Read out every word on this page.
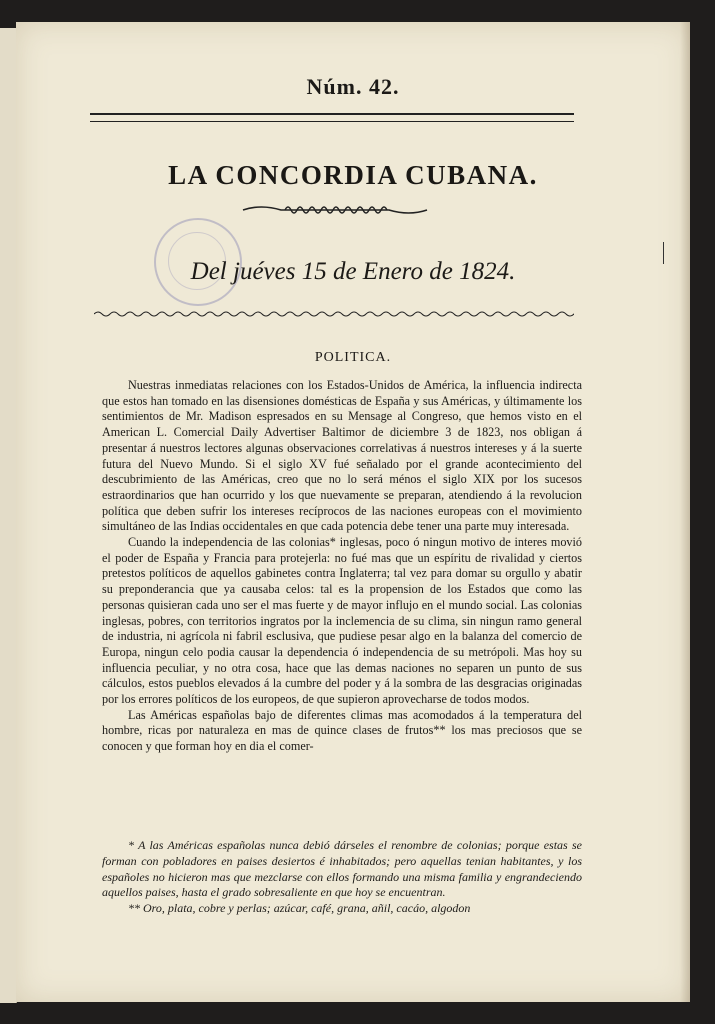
Núm. 42.
LA CONCORDIA CUBANA.
Del juéves 15 de Enero de 1824.
POLITICA.

Nuestras inmediatas relaciones con los Estados-Unidos de América, la influencia indirecta que estos han tomado en las disensiones domésticas de España y sus Américas, y últimamente los sentimientos de Mr. Madison espresados en su Mensage al Congreso, que hemos visto en el American L. Comercial Daily Advertiser Baltimor de diciembre 3 de 1823, nos obligan á presentar á nuestros lectores algunas observaciones correlativas á nuestros intereses y á la suerte futura del Nuevo Mundo. Si el siglo XV fué señalado por el grande acontecimiento del descubrimiento de las Américas, creo que no lo será ménos el siglo XIX por los sucesos estraordinarios que han ocurrido y los que nuevamente se preparan, atendiendo á la revolucion política que deben sufrir los intereses recíprocos de las naciones europeas con el movimiento simultáneo de las Indias occidentales en que cada potencia debe tener una parte muy interesada.

Cuando la independencia de las colonias* inglesas, poco ó ningun motivo de interes movió el poder de España y Francia para protejerla: no fué mas que un espíritu de rivalidad y ciertos pretestos políticos de aquellos gabinetes contra Inglaterra; tal vez para domar su orgullo y abatir su preponderancia que ya causaba celos: tal es la propension de los Estados que como las personas quisieran cada uno ser el mas fuerte y de mayor influjo en el mundo social. Las colonias inglesas, pobres, con territorios ingratos por la inclemencia de su clima, sin ningun ramo general de industria, ni agrícola ni fabril esclusiva, que pudiese pesar algo en la balanza del comercio de Europa, ningun celo podia causar la dependencia ó independencia de su metrópoli. Mas hoy su influencia peculiar, y no otra cosa, hace que las demas naciones no separen un punto de sus cálculos, estos pueblos elevados á la cumbre del poder y á la sombra de las desgracias originadas por los errores políticos de los europeos, de que supieron aprovecharse de todos modos.

Las Américas españolas bajo de diferentes climas mas acomodados á la temperatura del hombre, ricas por naturaleza en mas de quince clases de frutos** los mas preciosos que se conocen y que forman hoy en dia el comer-

* A las Américas españolas nunca debió dárseles el renombre de colonias; porque estas se forman con pobladores en paises desiertos é inhabitados; pero aquellas tenian habitantes, y los españoles no hicieron mas que mezclarse con ellos formando una misma familia y engrandeciendo aquellos paises, hasta el grado sobresaliente en que hoy se encuentran.

** Oro, plata, cobre y perlas; azúcar, café, grana, añil, cacáo, algodon
